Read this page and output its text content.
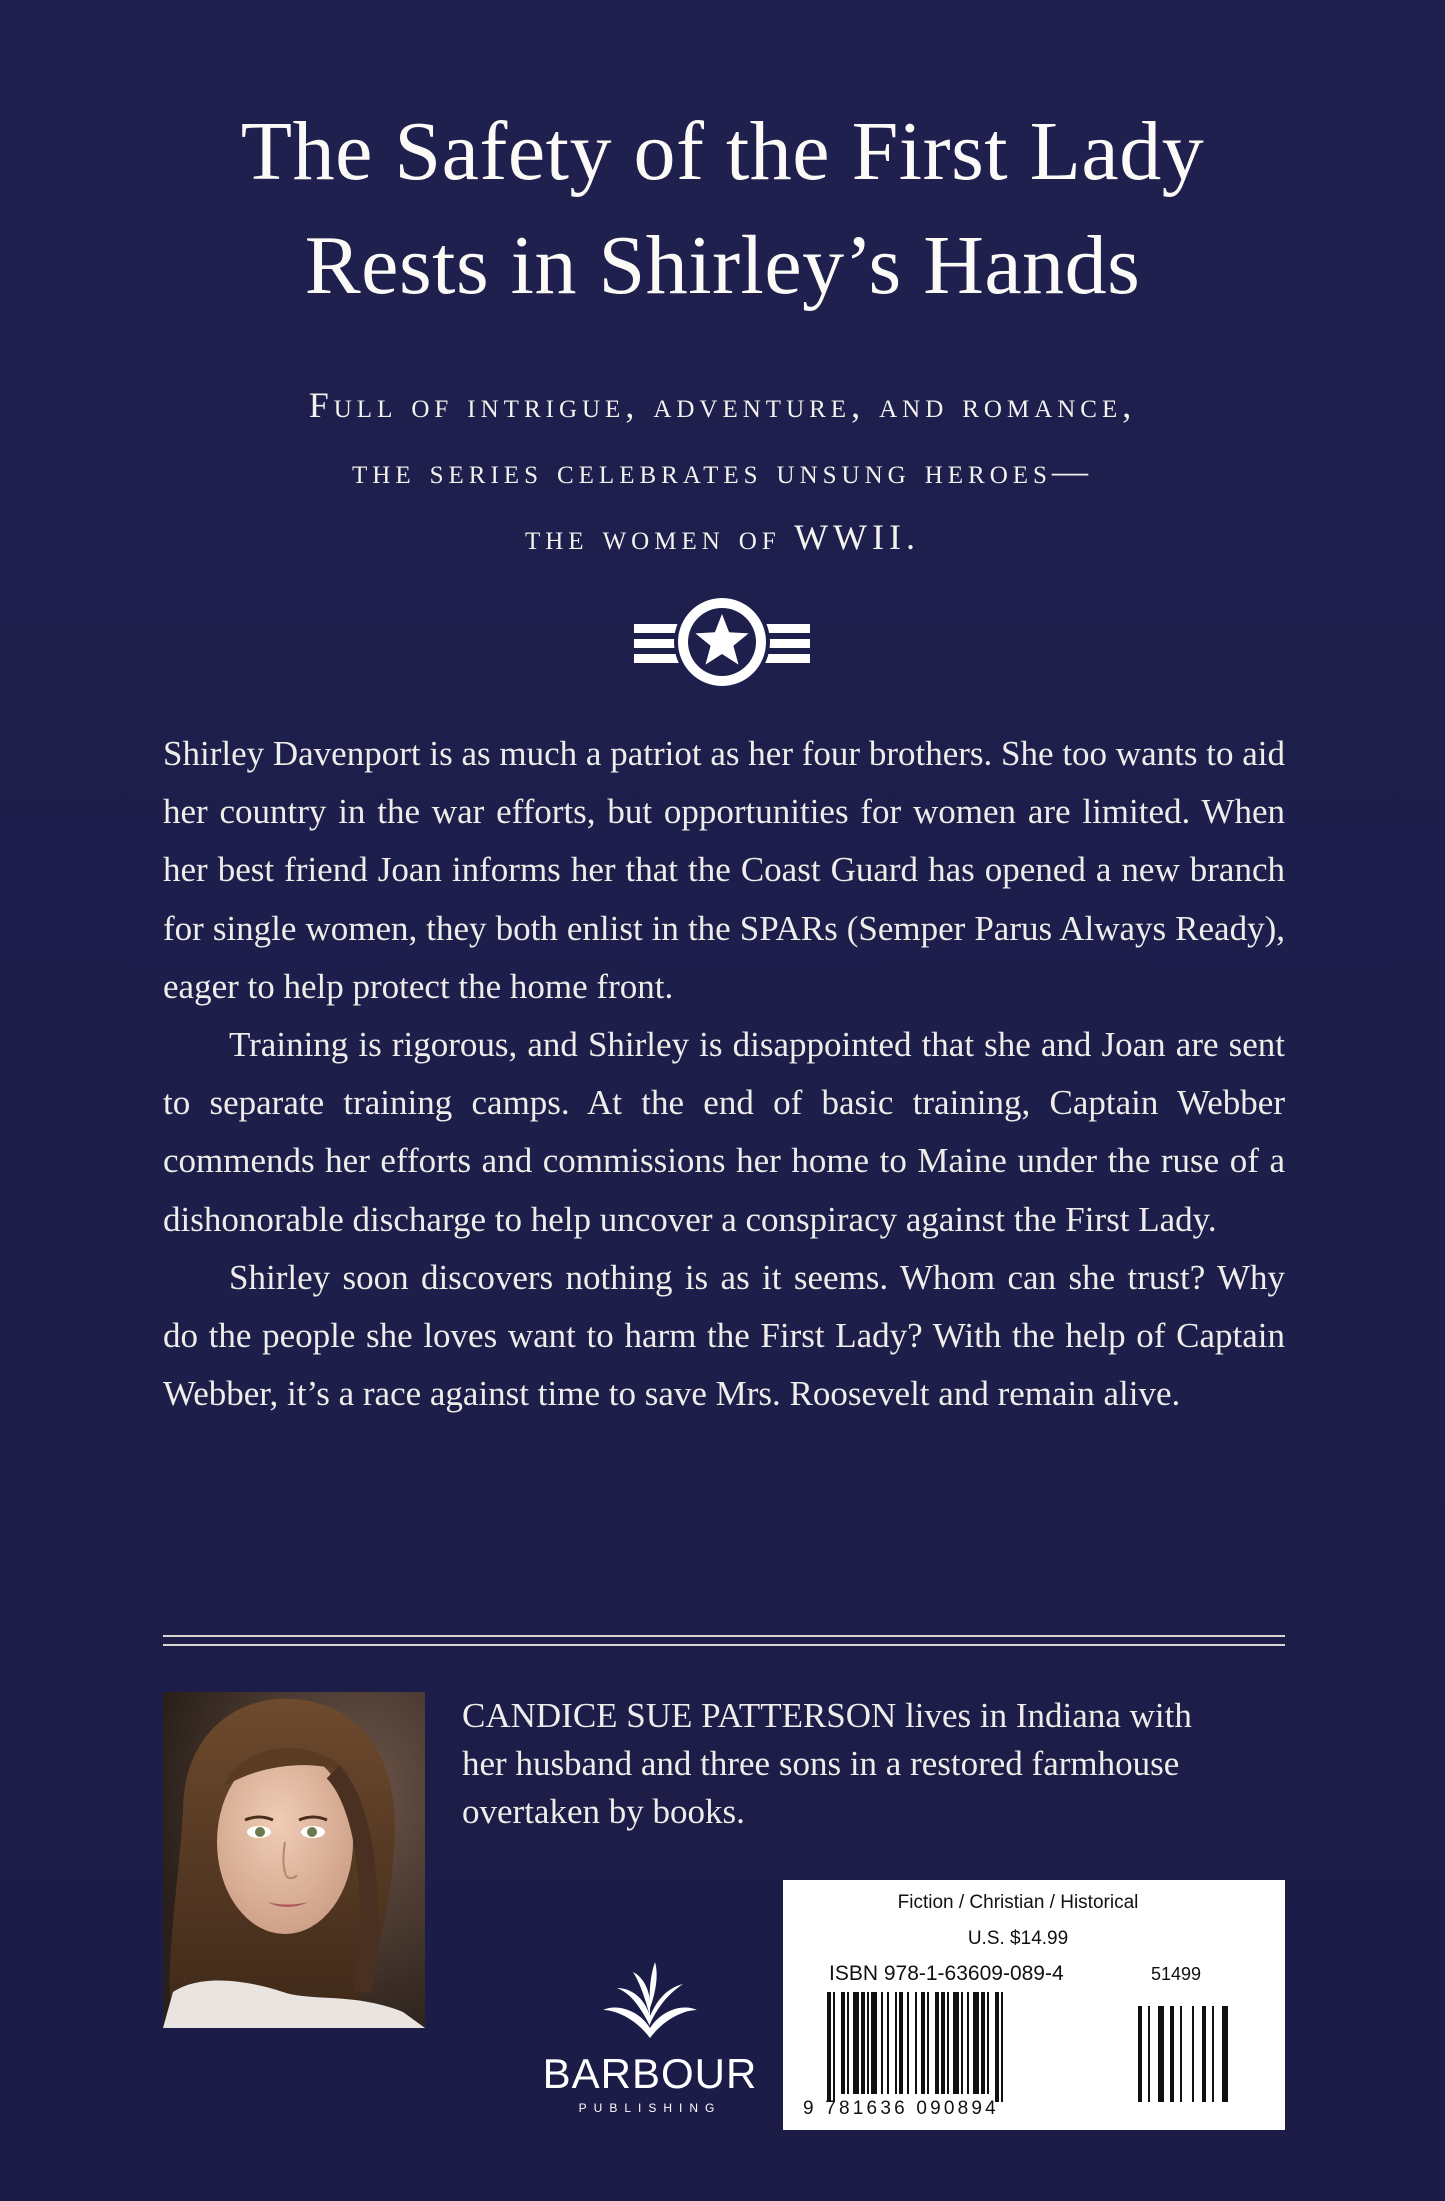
The Safety of the First Lady
Rests in Shirley’s Hands
Full of intrigue, adventure, and romance,
the series celebrates unsung heroes—
the women of WWII.

Shirley Davenport is as much a patriot as her four brothers. She too wants to aid her country in the war efforts, but opportunities for women are limited. When her best friend Joan informs her that the Coast Guard has opened a new branch for single women, they both enlist in the SPARs (Semper Parus Always Ready), eager to help protect the home front.

Training is rigorous, and Shirley is disappointed that she and Joan are sent to separate training camps. At the end of basic training, Captain Webber commends her efforts and commissions her home to Maine under the ruse of a dishonorable discharge to help uncover a conspiracy against the First Lady.

Shirley soon discovers nothing is as it seems. Whom can she trust? Why do the people she loves want to harm the First Lady? With the help of Captain Webber, it’s a race against time to save Mrs. Roosevelt and remain alive.

CANDICE SUE PATTERSON lives in Indiana with
her husband and three sons in a restored farmhouse
overtaken by books.
BARBOUR
PUBLISHING
Fiction / Christian / Historical
U.S. $14.99
ISBN 978-1-63609-089-4	51499
9 781636 090894
